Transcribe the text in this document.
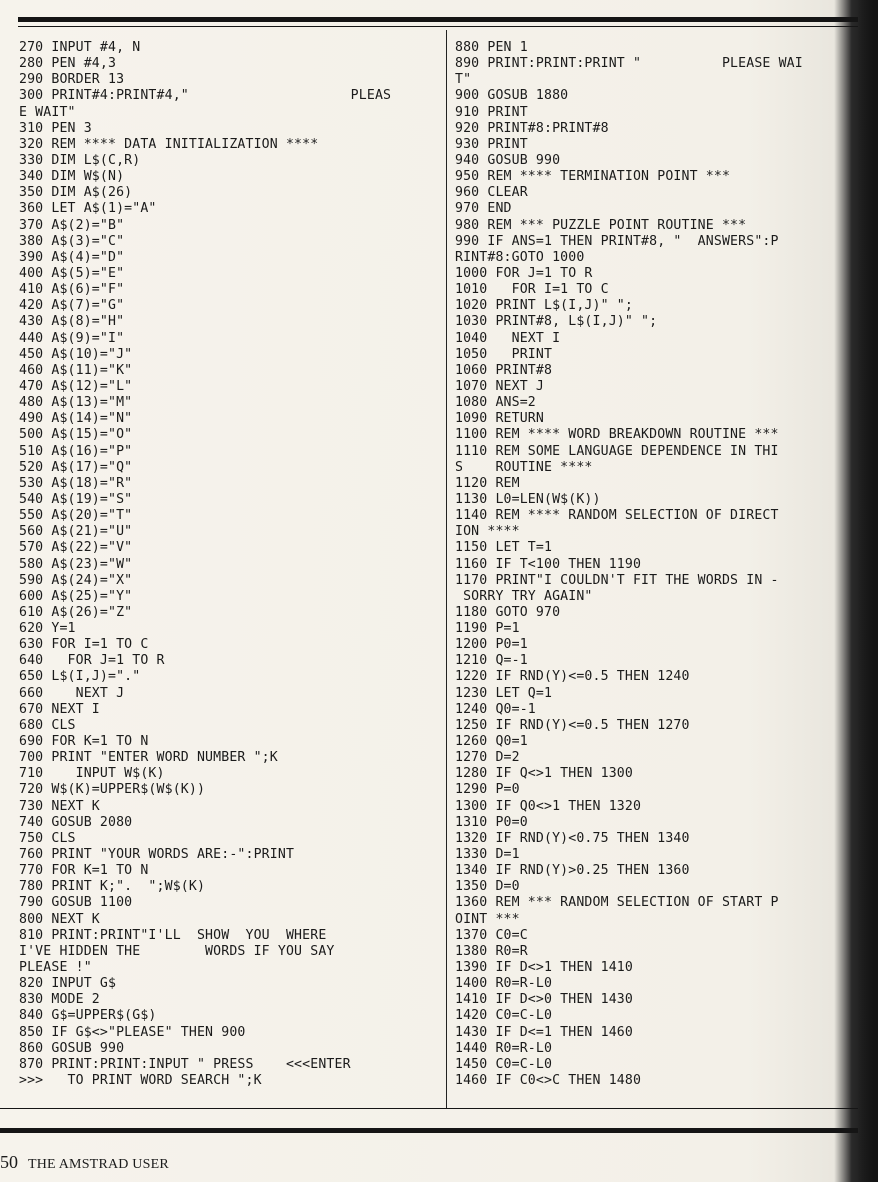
270 INPUT #4, N
280 PEN #4,3
290 BORDER 13
300 PRINT#4:PRINT#4,"                    PLEAS
E WAIT"
310 PEN 3
320 REM **** DATA INITIALIZATION ****
330 DIM L$(C,R)
340 DIM W$(N)
350 DIM A$(26)
360 LET A$(1)="A"
370 A$(2)="B"
380 A$(3)="C"
390 A$(4)="D"
400 A$(5)="E"
410 A$(6)="F"
420 A$(7)="G"
430 A$(8)="H"
440 A$(9)="I"
450 A$(10)="J"
460 A$(11)="K"
470 A$(12)="L"
480 A$(13)="M"
490 A$(14)="N"
500 A$(15)="O"
510 A$(16)="P"
520 A$(17)="Q"
530 A$(18)="R"
540 A$(19)="S"
550 A$(20)="T"
560 A$(21)="U"
570 A$(22)="V"
580 A$(23)="W"
590 A$(24)="X"
600 A$(25)="Y"
610 A$(26)="Z"
620 Y=1
630 FOR I=1 TO C
640   FOR J=1 TO R
650 L$(I,J)="."
660    NEXT J
670 NEXT I
680 CLS
690 FOR K=1 TO N
700 PRINT "ENTER WORD NUMBER ";K
710    INPUT W$(K)
720 W$(K)=UPPER$(W$(K))
730 NEXT K
740 GOSUB 2080
750 CLS
760 PRINT "YOUR WORDS ARE:-":PRINT
770 FOR K=1 TO N
780 PRINT K;".  ";W$(K)
790 GOSUB 1100
800 NEXT K
810 PRINT:PRINT"I'LL  SHOW  YOU  WHERE
I'VE HIDDEN THE        WORDS IF YOU SAY
PLEASE !"
820 INPUT G$
830 MODE 2
840 G$=UPPER$(G$)
850 IF G$<>"PLEASE" THEN 900
860 GOSUB 990
870 PRINT:PRINT:INPUT " PRESS    <<<ENTER
>>>   TO PRINT WORD SEARCH ";K
880 PEN 1
890 PRINT:PRINT:PRINT "          PLEASE WAI
T"
900 GOSUB 1880
910 PRINT
920 PRINT#8:PRINT#8
930 PRINT
940 GOSUB 990
950 REM **** TERMINATION POINT ***
960 CLEAR
970 END
980 REM *** PUZZLE POINT ROUTINE ***
990 IF ANS=1 THEN PRINT#8, "  ANSWERS":P
RINT#8:GOTO 1000
1000 FOR J=1 TO R
1010   FOR I=1 TO C
1020 PRINT L$(I,J)" ";
1030 PRINT#8, L$(I,J)" ";
1040   NEXT I
1050   PRINT
1060 PRINT#8
1070 NEXT J
1080 ANS=2
1090 RETURN
1100 REM **** WORD BREAKDOWN ROUTINE ***
1110 REM SOME LANGUAGE DEPENDENCE IN THI
S    ROUTINE ****
1120 REM
1130 L0=LEN(W$(K))
1140 REM **** RANDOM SELECTION OF DIRECT
ION ****
1150 LET T=1
1160 IF T<100 THEN 1190
1170 PRINT"I COULDN'T FIT THE WORDS IN -
SORRY TRY AGAIN"
1180 GOTO 970
1190 P=1
1200 P0=1
1210 Q=-1
1220 IF RND(Y)<=0.5 THEN 1240
1230 LET Q=1
1240 Q0=-1
1250 IF RND(Y)<=0.5 THEN 1270
1260 Q0=1
1270 D=2
1280 IF Q<>1 THEN 1300
1290 P=0
1300 IF Q0<>1 THEN 1320
1310 P0=0
1320 IF RND(Y)<0.75 THEN 1340
1330 D=1
1340 IF RND(Y)>0.25 THEN 1360
1350 D=0
1360 REM *** RANDOM SELECTION OF START P
OINT ***
1370 C0=C
1380 R0=R
1390 IF D<>1 THEN 1410
1400 R0=R-L0
1410 IF D<>0 THEN 1430
1420 C0=C-L0
1430 IF D<=1 THEN 1460
1440 R0=R-L0
1450 C0=C-L0
1460 IF C0<>C THEN 1480
50 THE AMSTRAD USER
